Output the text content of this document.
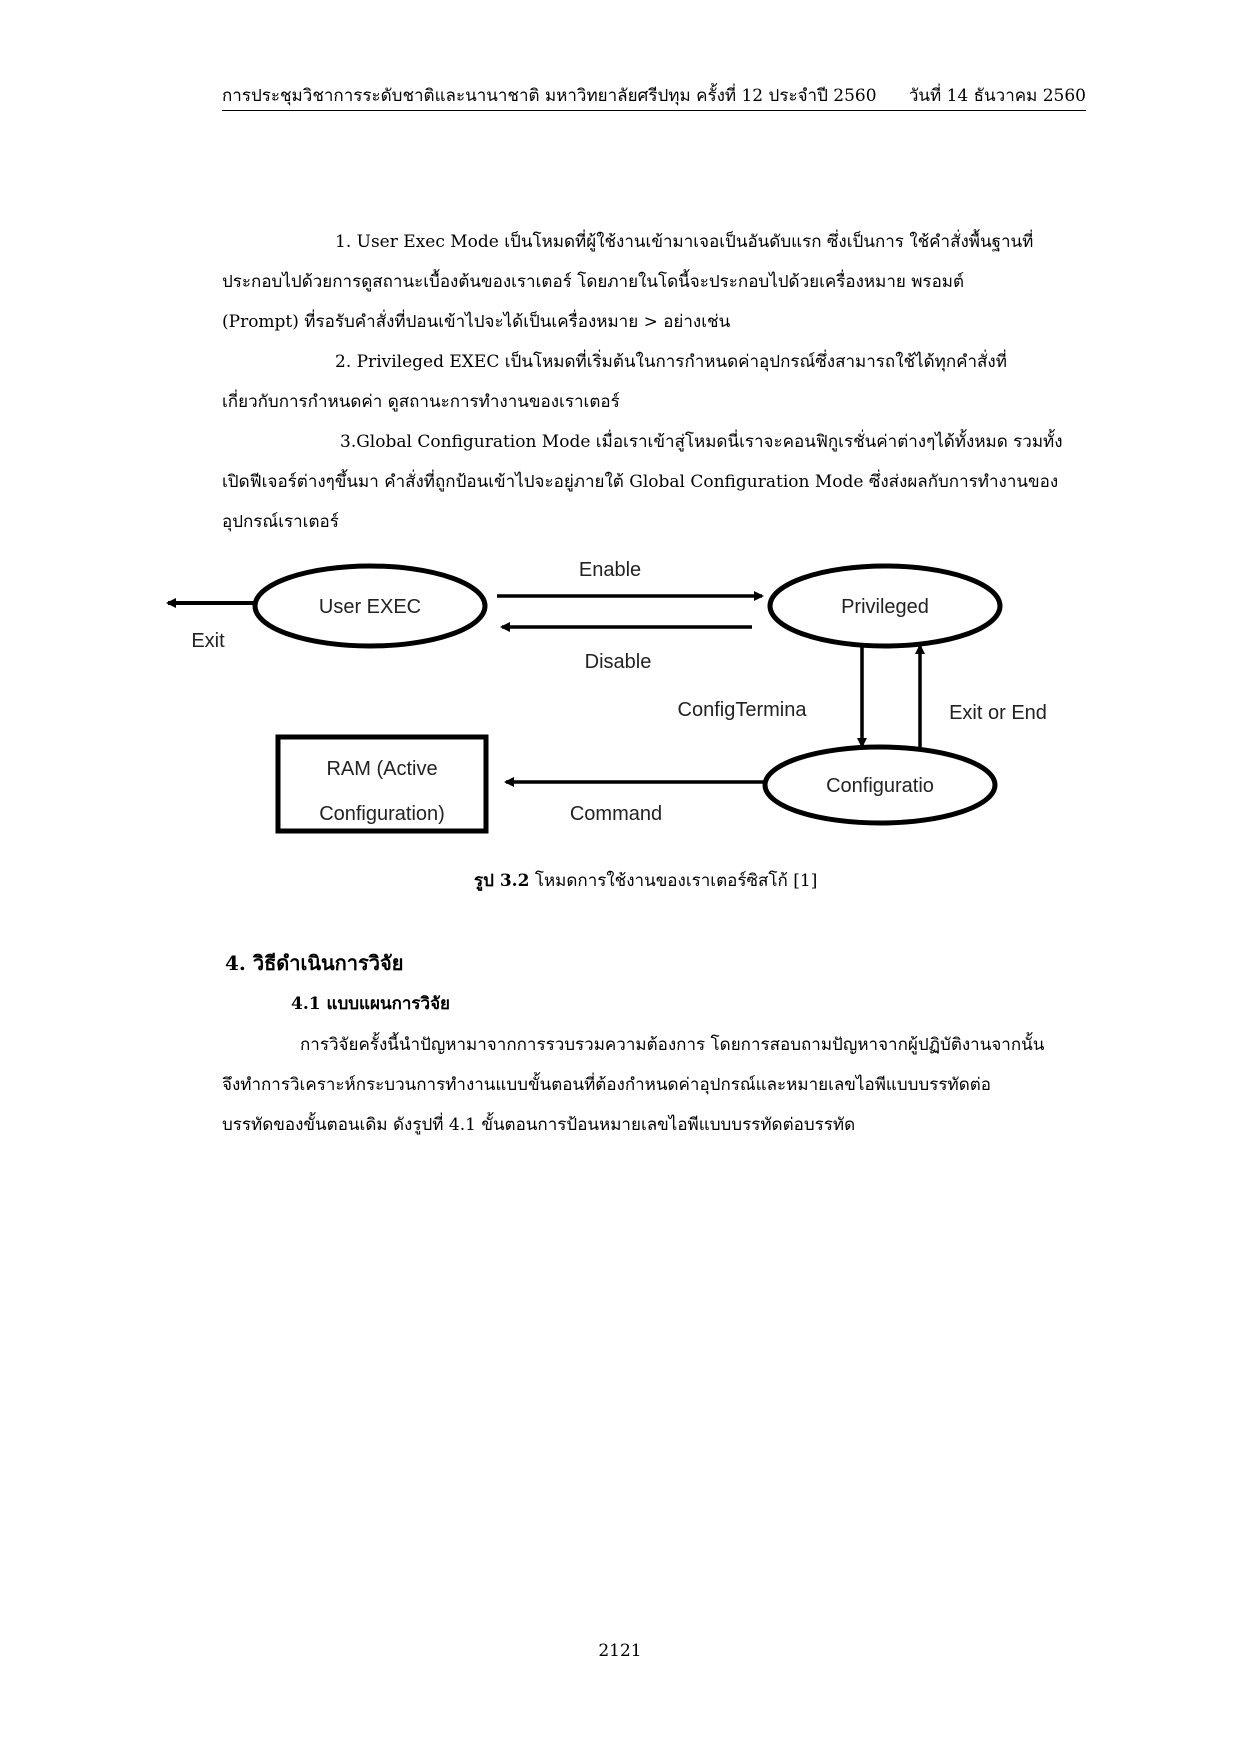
การประชุมวิชาการระดับชาติและนานาชาติ มหาวิทยาลัยศรีปทุม ครั้งที่ 12 ประจำปี 2560 วันที่ 14 ธันวาคม 2560
1. User Exec Mode เป็นโหมดที่ผู้ใช้งานเข้ามาเจอเป็นอันดับแรก ซึ่งเป็นการ ใช้คำสั่งพื้นฐานที่
ประกอบไปด้วยการดูสถานะเบื้องต้นของเราเตอร์ โดยภายในโดนี้จะประกอบไปด้วยเครื่องหมาย พรอมต์
(Prompt) ที่รอรับคำสั่งที่ปอนเข้าไปจะได้เป็นเครื่องหมาย > อย่างเช่น
2. Privileged EXEC เป็นโหมดที่เริ่มต้นในการกำหนดค่าอุปกรณ์ซึ่งสามารถใช้ได้ทุกคำสั่งที่
เกี่ยวกับการกำหนดค่า ดูสถานะการทำงานของเราเตอร์
3.Global Configuration Mode เมื่อเราเข้าสู่โหมดนี่เราจะคอนฟิกูเรชั่นค่าต่างๆได้ทั้งหมด รวมทั้ง
เปิดฟีเจอร์ต่างๆขึ้นมา คำสั่งที่ถูกป้อนเข้าไปจะอยู่ภายใต้ Global Configuration Mode ซึ่งส่งผลกับการทำงานของ
อุปกรณ์เราเตอร์
User EXEC	Privileged
Configuratio
RAM (Active
Configuration)
Exit
Enable
Disable
ConfigTermina	Exit or End
Command
รูป 3.2 โหมดการใช้งานของเราเตอร์ซิสโก้ [1]
4. วิธีดำเนินการวิจัย
4.1 แบบแผนการวิจัย
การวิจัยครั้งนี้นำปัญหามาจากการรวบรวมความต้องการ โดยการสอบถามปัญหาจากผู้ปฏิบัติงานจากนั้น
จึงทำการวิเคราะห์กระบวนการทำงานแบบขั้นตอนที่ต้องกำหนดค่าอุปกรณ์และหมายเลขไอพีแบบบรรทัดต่อ
บรรทัดของขั้นตอนเดิม ดังรูปที่ 4.1 ขั้นตอนการป้อนหมายเลขไอพีแบบบรรทัดต่อบรรทัด
2121
